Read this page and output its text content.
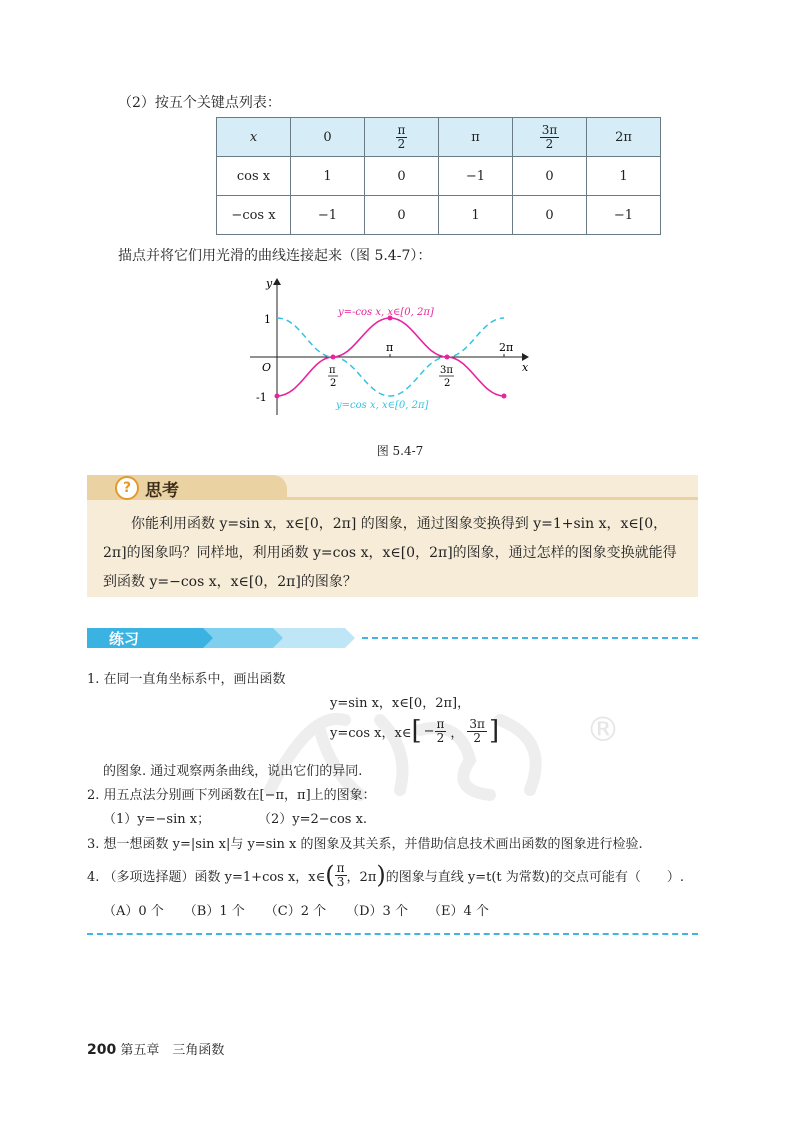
（2）按五个关键点列表：
x	0	$\frac{\pi}{2}$	π	$\frac{3\pi}{2}$	2π
cos x	1	0	−1	0	1
−cos x	−1	0	1	0	−1
描点并将它们用光滑的曲线连接起来（图 5.4-7）：
y
x
O
1
-1
y=-cos x, x∈[0, 2π]
y=cos x, x∈[0, 2π]
π	2π
π
2
3π
2
图 5.4-7
? 思考
你能利用函数 y=sin x，x∈[0，2π] 的图象，通过图象变换得到 y=1+sin x，x∈[0，2π]的图象吗？同样地，利用函数 y=cos x，x∈[0，2π]的图象，通过怎样的图象变换就能得到函数 y=−cos x，x∈[0，2π]的图象？
练习
®
1. 在同一直角坐标系中，画出函数
y=sin x，x∈[0，2π]，
y=cos x，x∈ [ − $\frac{\pi}{2}$ ， $\frac{3\pi}{2}$ ]
的图象. 通过观察两条曲线，说出它们的异同.
2. 用五点法分别画下列函数在[−π，π]上的图象：
（1）y=−sin x；	（2）y=2−cos x.
3. 想一想函数 y=|sin x|与 y=sin x 的图象及其关系，并借助信息技术画出函数的图象进行检验.
4. （多项选择题）函数 y=1+cos x，x∈ ( $\frac{\pi}{3}$ ，2π ) 的图象与直线 y=t(t 为常数)的交点可能有（　　）.
（A）0 个 （B）1 个 （C）2 个 （D）3 个 （E）4 个
200 第五章　三角函数
